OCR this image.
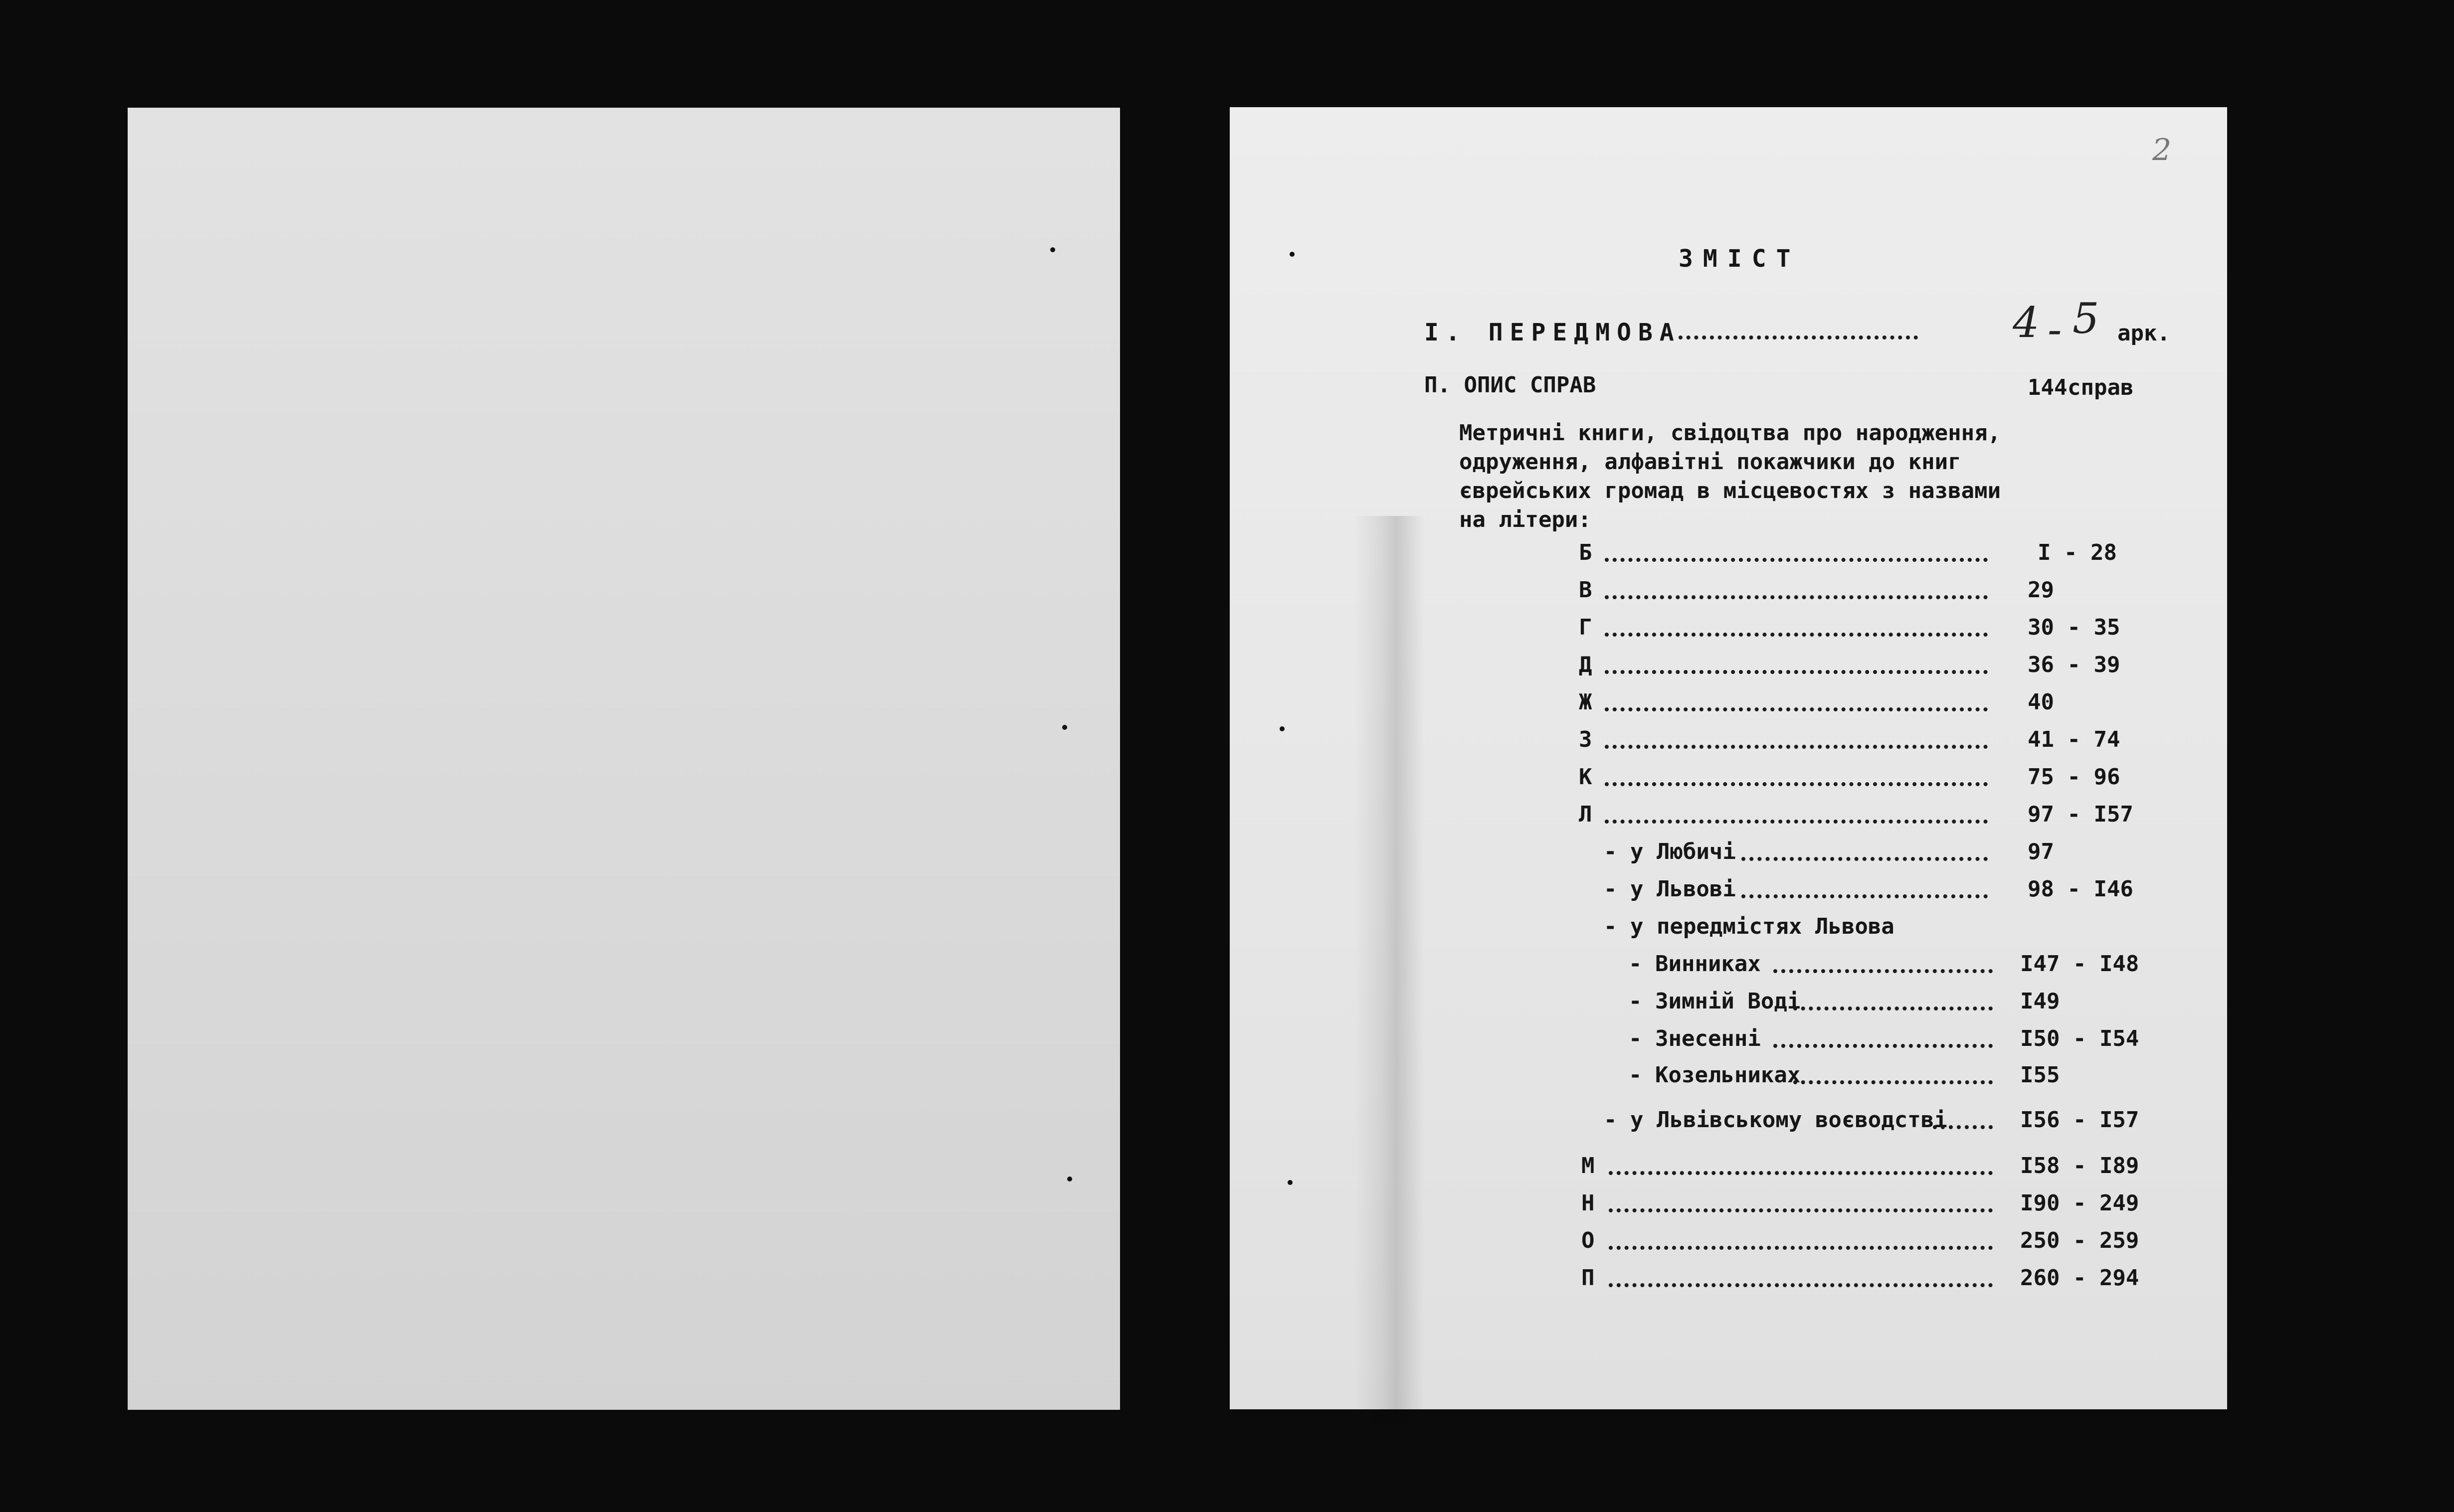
2
ЗМІСТ
I. ПЕРЕДМОВА	4 - 5 арк.
П. ОПИС СПРАВ	144 справ
Метричні книги, свідоцтва про народження,
одруження, алфавітні покажчики до книг
єврейських громад в місцевостях з назвами
на літери:
Б	І - 28
В	29
Г	30 - 35
Д	36 - 39
Ж	40
З	41 - 74
К	75 - 96
Л	97 - І57
- у Любичі	97
- у Львові	98 - І46
- у передмістях Львова
- Винниках	І47 - І48
- Зимній Воді	І49
- Знесенні	І50 - І54
- Козельниках	І55
- у Львівському воєводстві	І56 - І57
М	І58 - І89
Н	І90 - 249
О	250 - 259
П	260 - 294
